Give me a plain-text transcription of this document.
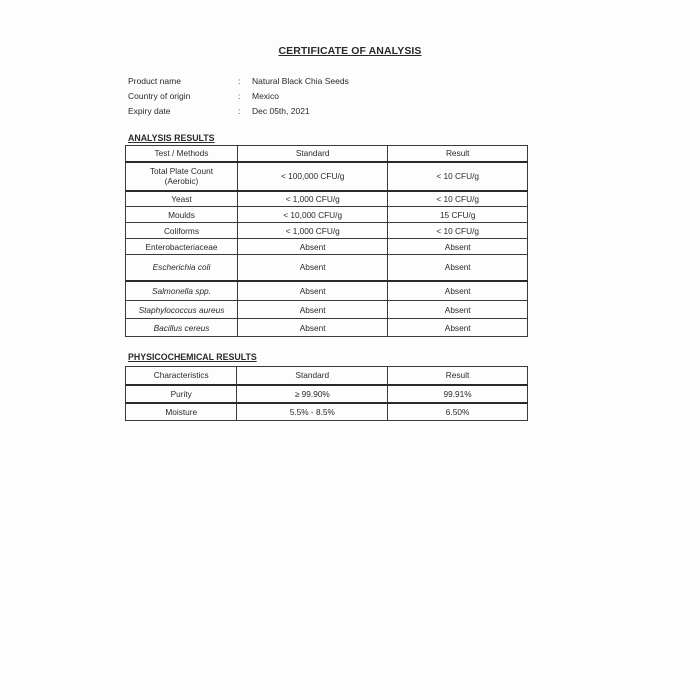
CERTIFICATE OF ANALYSIS
Product name	:	Natural Black Chia Seeds
Country of origin	:	Mexico
Expiry date	:	Dec 05th, 2021
ANALYSIS RESULTS
Test / Methods	Standard	Result

Total Plate Count
(Aerobic)	< 100,000 CFU/g	< 10 CFU/g
Yeast	< 1,000 CFU/g	< 10 CFU/g
Moulds	< 10,000 CFU/g	15 CFU/g
Coliforms	< 1,000 CFU/g	< 10 CFU/g
Enterobacteriaceae	Absent	Absent
Escherichia coli	Absent	Absent
Salmonella spp.	Absent	Absent
Staphylococcus aureus	Absent	Absent
Bacillus cereus	Absent	Absent
PHYSICOCHEMICAL RESULTS
Characteristics	Standard	Result
Purity	≥ 99.90%	99.91%
Moisture	5.5% - 8.5%	6.50%
